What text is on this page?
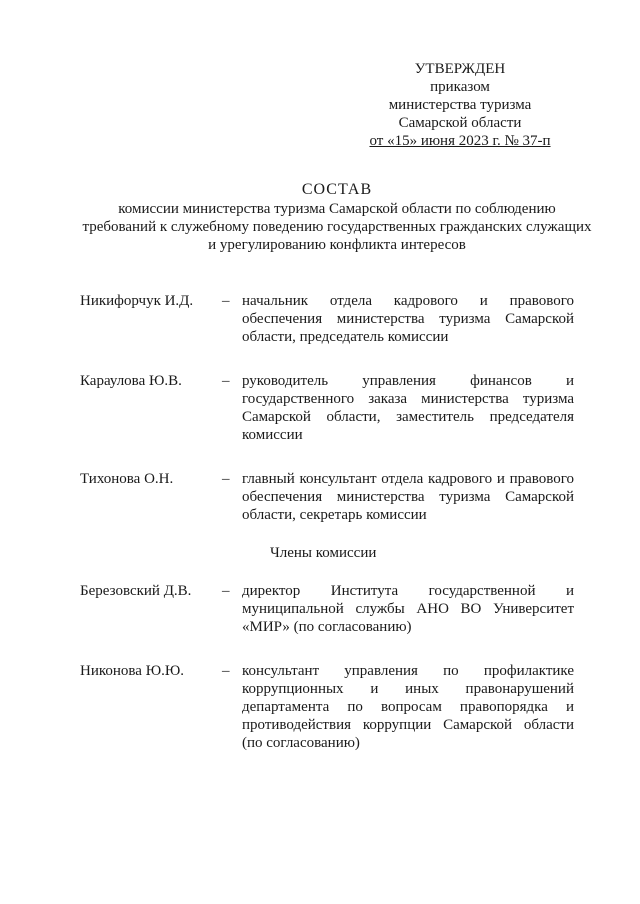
УТВЕРЖДЕН
приказом
министерства туризма
Самарской области
от «15» июня 2023 г. № 37-п
СОСТАВ
комиссии министерства туризма Самарской области по соблюдению требований к служебному поведению государственных гражданских служащих и урегулированию конфликта интересов
Никифорчук И.Д.	– начальник отдела кадрового и правового обеспечения министерства туризма Самарской области, председатель комиссии
Караулова Ю.В.	– руководитель управления финансов и государственного заказа министерства туризма Самарской области, заместитель председателя комиссии
Тихонова О.Н.	– главный консультант отдела кадрового и правового обеспечения министерства туризма Самарской области, секретарь комиссии
Члены комиссии
Березовский Д.В.	– директор Института государственной и муниципальной службы АНО ВО Университет «МИР» (по согласованию)
Никонова Ю.Ю.	– консультант управления по профилактике коррупционных и иных правонарушений департамента по вопросам правопорядка и противодействия коррупции Самарской области (по согласованию)
